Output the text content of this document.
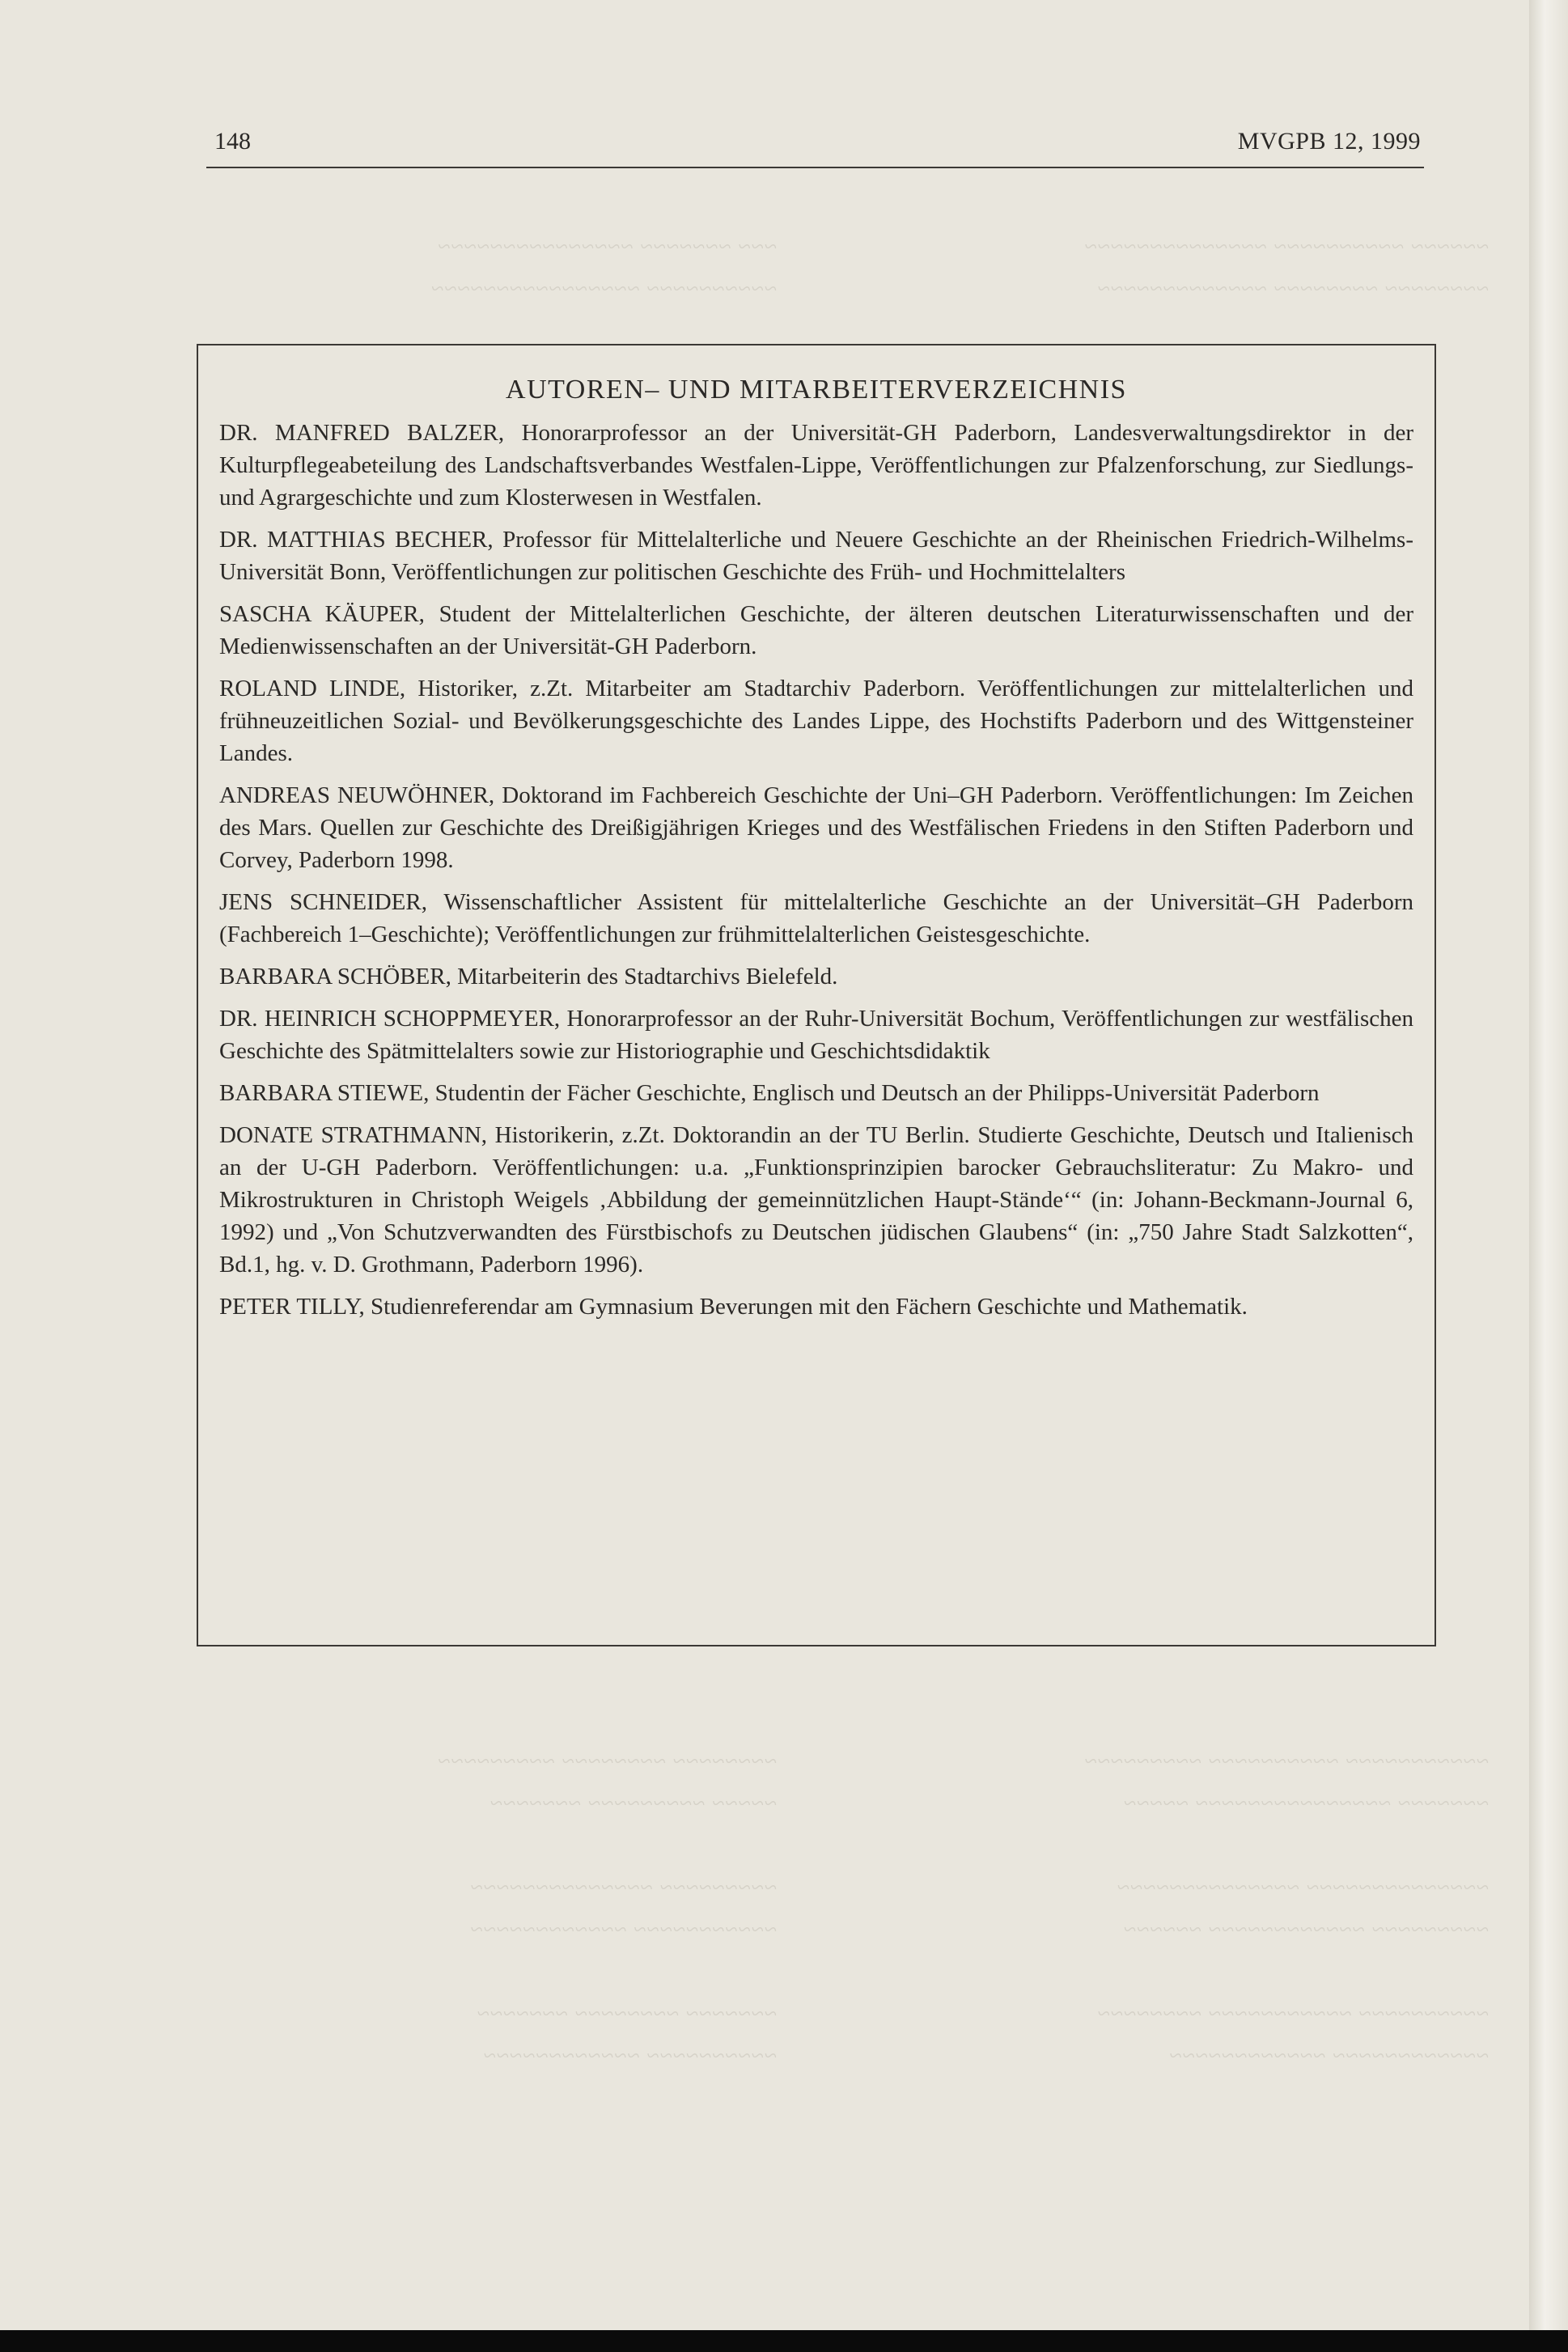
~~~ ~~~~~~~ ~~~~~~~~~~~~~~~
~~~~~~~~~~ ~~~~~~~~~~~~~~~~
~~~~~~~~ ~~~~~~~~ ~~~~~~~~~
~~~~~ ~~~~~~~~~ ~~~~~~~
~~~~~~~~~ ~~~~~~~~~~~~~~
~~~~~~~~~~~ ~~~~~~~~~~~~
~~~~~~~ ~~~~~~~~ ~~~~~~~
~~~~~~~~~~ ~~~~~~~~~~~~
~~~~~~ ~~~~~~~~~~ ~~~~~~~~~~~~~~
~~~~~~~~ ~~~~~~~~ ~~~~~~~~~~~~~
~~~~~~~~~~~ ~~~~~~~~~~ ~~~~~~~~~
~~~~~~~ ~~~~~~~~~~~~~~~ ~~~~~
~~~~~~~~~~~~~~ ~~~~~~~~~~~~~~
~~~~~~~~~ ~~~~~~~~~~~~ ~~~~~~
~~~~~~~~~~ ~~~~~~~~~~~ ~~~~~~~~
~~~~~~~~~~~~ ~~~~~~~~~~~~
148	MVGPB 12, 1999
AUTOREN– UND MITARBEITERVERZEICHNIS

DR. MANFRED BALZER, Honorarprofessor an der Universität-GH Paderborn, Landesverwaltungsdirektor in der Kulturpflegeabeteilung des Landschaftsverbandes Westfalen-Lippe, Veröffentlichungen zur Pfalzenforschung, zur Siedlungs- und Agrargeschichte und zum Klosterwesen in Westfalen.

DR. MATTHIAS BECHER, Professor für Mittelalterliche und Neuere Geschichte an der Rheinischen Friedrich-Wilhelms-Universität Bonn, Veröffentlichungen zur politischen Geschichte des Früh- und Hochmittelalters

SASCHA KÄUPER, Student der Mittelalterlichen Geschichte, der älteren deutschen Literaturwissenschaften und der Medienwissenschaften an der Universität-GH Paderborn.

ROLAND LINDE, Historiker, z.Zt. Mitarbeiter am Stadtarchiv Paderborn. Veröffentlichungen zur mittelalterlichen und frühneuzeitlichen Sozial- und Bevölkerungsgeschichte des Landes Lippe, des Hochstifts Paderborn und des Wittgensteiner Landes.

ANDREAS NEUWÖHNER, Doktorand im Fachbereich Geschichte der Uni–GH Paderborn. Veröffentlichungen: Im Zeichen des Mars. Quellen zur Geschichte des Dreißigjährigen Krieges und des Westfälischen Friedens in den Stiften Paderborn und Corvey, Paderborn 1998.

JENS SCHNEIDER, Wissenschaftlicher Assistent für mittelalterliche Geschichte an der Universität–GH Paderborn (Fachbereich 1–Geschichte); Veröffentlichungen zur frühmittelalterlichen Geistesgeschichte.

BARBARA SCHÖBER, Mitarbeiterin des Stadtarchivs Bielefeld.

DR. HEINRICH SCHOPPMEYER, Honorarprofessor an der Ruhr-Universität Bochum, Veröffentlichungen zur westfälischen Geschichte des Spätmittelalters sowie zur Historiographie und Geschichtsdidaktik

BARBARA STIEWE, Studentin der Fächer Geschichte, Englisch und Deutsch an der Philipps-Universität Paderborn

DONATE STRATHMANN, Historikerin, z.Zt. Doktorandin an der TU Berlin. Studierte Geschichte, Deutsch und Italienisch an der U-GH Paderborn. Veröffentlichungen: u.a. „Funktionsprinzipien barocker Gebrauchsliteratur: Zu Makro- und Mikrostrukturen in Christoph Weigels ‚Abbildung der gemeinnützlichen Haupt-Stände‘“ (in: Johann-Beckmann-Journal 6, 1992) und „Von Schutzverwandten des Fürstbischofs zu Deutschen jüdischen Glaubens“ (in: „750 Jahre Stadt Salzkotten“, Bd.1, hg. v. D. Grothmann, Paderborn 1996).

PETER TILLY, Studienreferendar am Gymnasium Beverungen mit den Fächern Geschichte und Mathematik.
